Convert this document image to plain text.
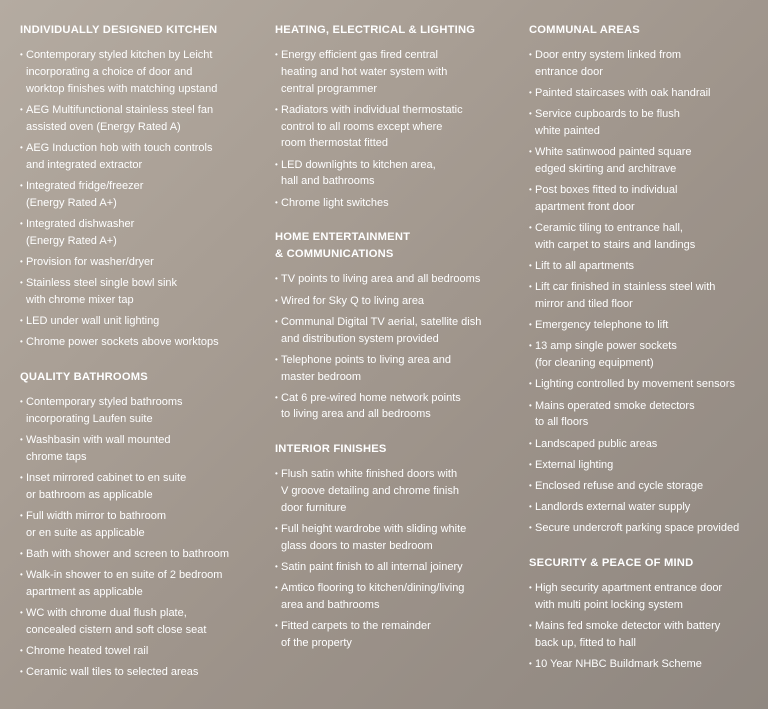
INDIVIDUALLY DESIGNED KITCHEN
• Contemporary styled kitchen by Leicht
incorporating a choice of door and
worktop finishes with matching upstand
• AEG Multifunctional stainless steel fan
assisted oven (Energy Rated A)
• AEG Induction hob with touch controls
and integrated extractor
• Integrated fridge/freezer
(Energy Rated A+)
• Integrated dishwasher
(Energy Rated A+)
• Provision for washer/dryer
• Stainless steel single bowl sink
with chrome mixer tap
• LED under wall unit lighting
• Chrome power sockets above worktops
QUALITY BATHROOMS
• Contemporary styled bathrooms
incorporating Laufen suite
• Washbasin with wall mounted
chrome taps
• Inset mirrored cabinet to en suite
or bathroom as applicable
• Full width mirror to bathroom
or en suite as applicable
• Bath with shower and screen to bathroom
• Walk-in shower to en suite of 2 bedroom
apartment as applicable
• WC with chrome dual flush plate,
concealed cistern and soft close seat
• Chrome heated towel rail
• Ceramic wall tiles to selected areas
HEATING, ELECTRICAL & LIGHTING
• Energy efficient gas fired central
heating and hot water system with
central programmer
• Radiators with individual thermostatic
control to all rooms except where
room thermostat fitted
• LED downlights to kitchen area,
hall and bathrooms
• Chrome light switches
HOME ENTERTAINMENT
& COMMUNICATIONS
• TV points to living area and all bedrooms
• Wired for Sky Q to living area
• Communal Digital TV aerial, satellite dish
and distribution system provided
• Telephone points to living area and
master bedroom
• Cat 6 pre-wired home network points
to living area and all bedrooms
INTERIOR FINISHES
• Flush satin white finished doors with
V groove detailing and chrome finish
door furniture
• Full height wardrobe with sliding white
glass doors to master bedroom
• Satin paint finish to all internal joinery
• Amtico flooring to kitchen/dining/living
area and bathrooms
• Fitted carpets to the remainder
of the property
COMMUNAL AREAS
• Door entry system linked from
entrance door
• Painted staircases with oak handrail
• Service cupboards to be flush
white painted
• White satinwood painted square
edged skirting and architrave
• Post boxes fitted to individual
apartment front door
• Ceramic tiling to entrance hall,
with carpet to stairs and landings
• Lift to all apartments
• Lift car finished in stainless steel with
mirror and tiled floor
• Emergency telephone to lift
• 13 amp single power sockets
(for cleaning equipment)
• Lighting controlled by movement sensors
• Mains operated smoke detectors
to all floors
• Landscaped public areas
• External lighting
• Enclosed refuse and cycle storage
• Landlords external water supply
• Secure undercroft parking space provided
SECURITY & PEACE OF MIND
• High security apartment entrance door
with multi point locking system
• Mains fed smoke detector with battery
back up, fitted to hall
• 10 Year NHBC Buildmark Scheme
